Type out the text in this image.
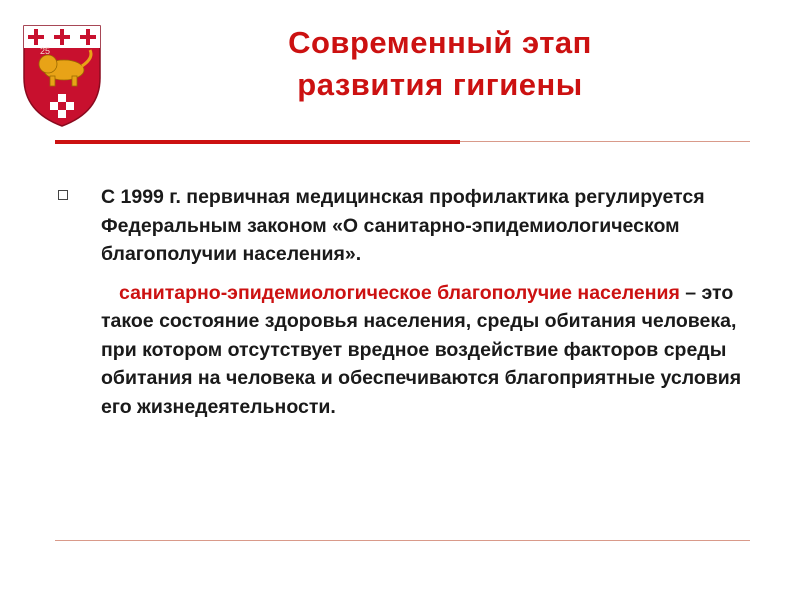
25	Современный этап
развития гигиены

С 1999 г. первичная медицинская профилактика регулируется Федеральным законом «О санитарно-эпидемиологическом благополучии населения».

санитарно-эпидемиологическое благополучие населения – это такое состояние здоровья населения, среды обитания человека, при котором отсутствует вредное воздействие факторов среды обитания на человека и обеспечиваются благоприятные условия его жизнедеятельности.
